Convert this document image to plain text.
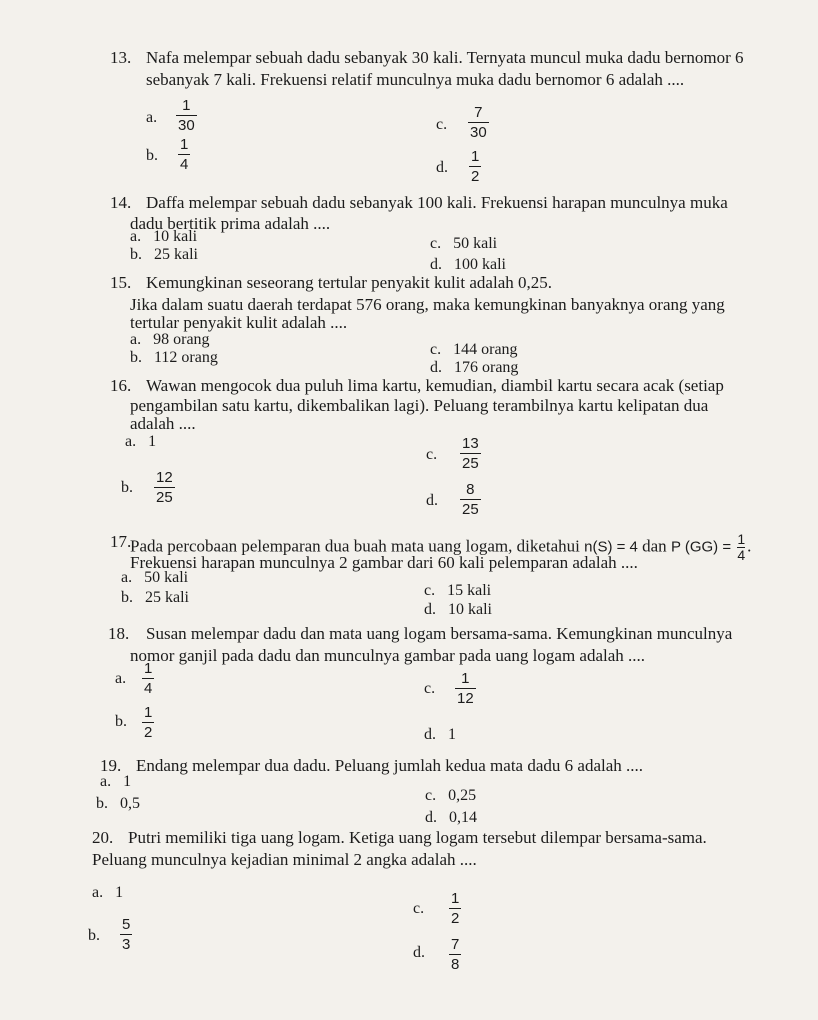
13. Nafa melempar sebuah dadu sebanyak 30 kali. Ternyata muncul muka dadu bernomor 6
sebanyak 7 kali. Frekuensi relatif munculnya muka dadu bernomor 6 adalah ....
a.
1
30
b.
1
4
c.
7
30
d.
1
2
14. Daffa melempar sebuah dadu sebanyak 100 kali. Frekuensi harapan munculnya muka
dadu bertitik prima adalah ....
a. 10 kali
b. 25 kali
c. 50 kali
d. 100 kali
15. Kemungkinan seseorang tertular penyakit kulit adalah 0,25.
Jika dalam suatu daerah terdapat 576 orang, maka kemungkinan banyaknya orang yang
tertular penyakit kulit adalah ....
a. 98 orang
b. 112 orang	c. 144 orang
d. 176 orang
16. Wawan mengocok dua puluh lima kartu, kemudian, diambil kartu secara acak (setiap
pengambilan satu kartu, dikembalikan lagi). Peluang terambilnya kartu kelipatan dua
adalah ....
a. 1
b.
12
25
c.
13
25
d.
8
25
17.
Pada percobaan pelemparan dua buah mata uang logam, diketahui n(S) = 4 dan P $(GG) = \frac{1}{4}$ .
Frekuensi harapan munculnya 2 gambar dari 60 kali pelemparan adalah ....
a. 50 kali
b. 25 kali	c. 15 kali
d. 10 kali
18. Susan melempar dadu dan mata uang logam bersama-sama. Kemungkinan munculnya
nomor ganjil pada dadu dan munculnya gambar pada uang logam adalah ....
a.
1
4
b.
1
2
c.
1
12
d. 1
19. Endang melempar dua dadu. Peluang jumlah kedua mata dadu 6 adalah ....
a. 1
b. 0,5	c. 0,25
d. 0,14
20. Putri memiliki tiga uang logam. Ketiga uang logam tersebut dilempar bersama-sama.
Peluang munculnya kejadian minimal 2 angka adalah ....
a. 1
b.
5
3
c.
1
2
d. 7
8
